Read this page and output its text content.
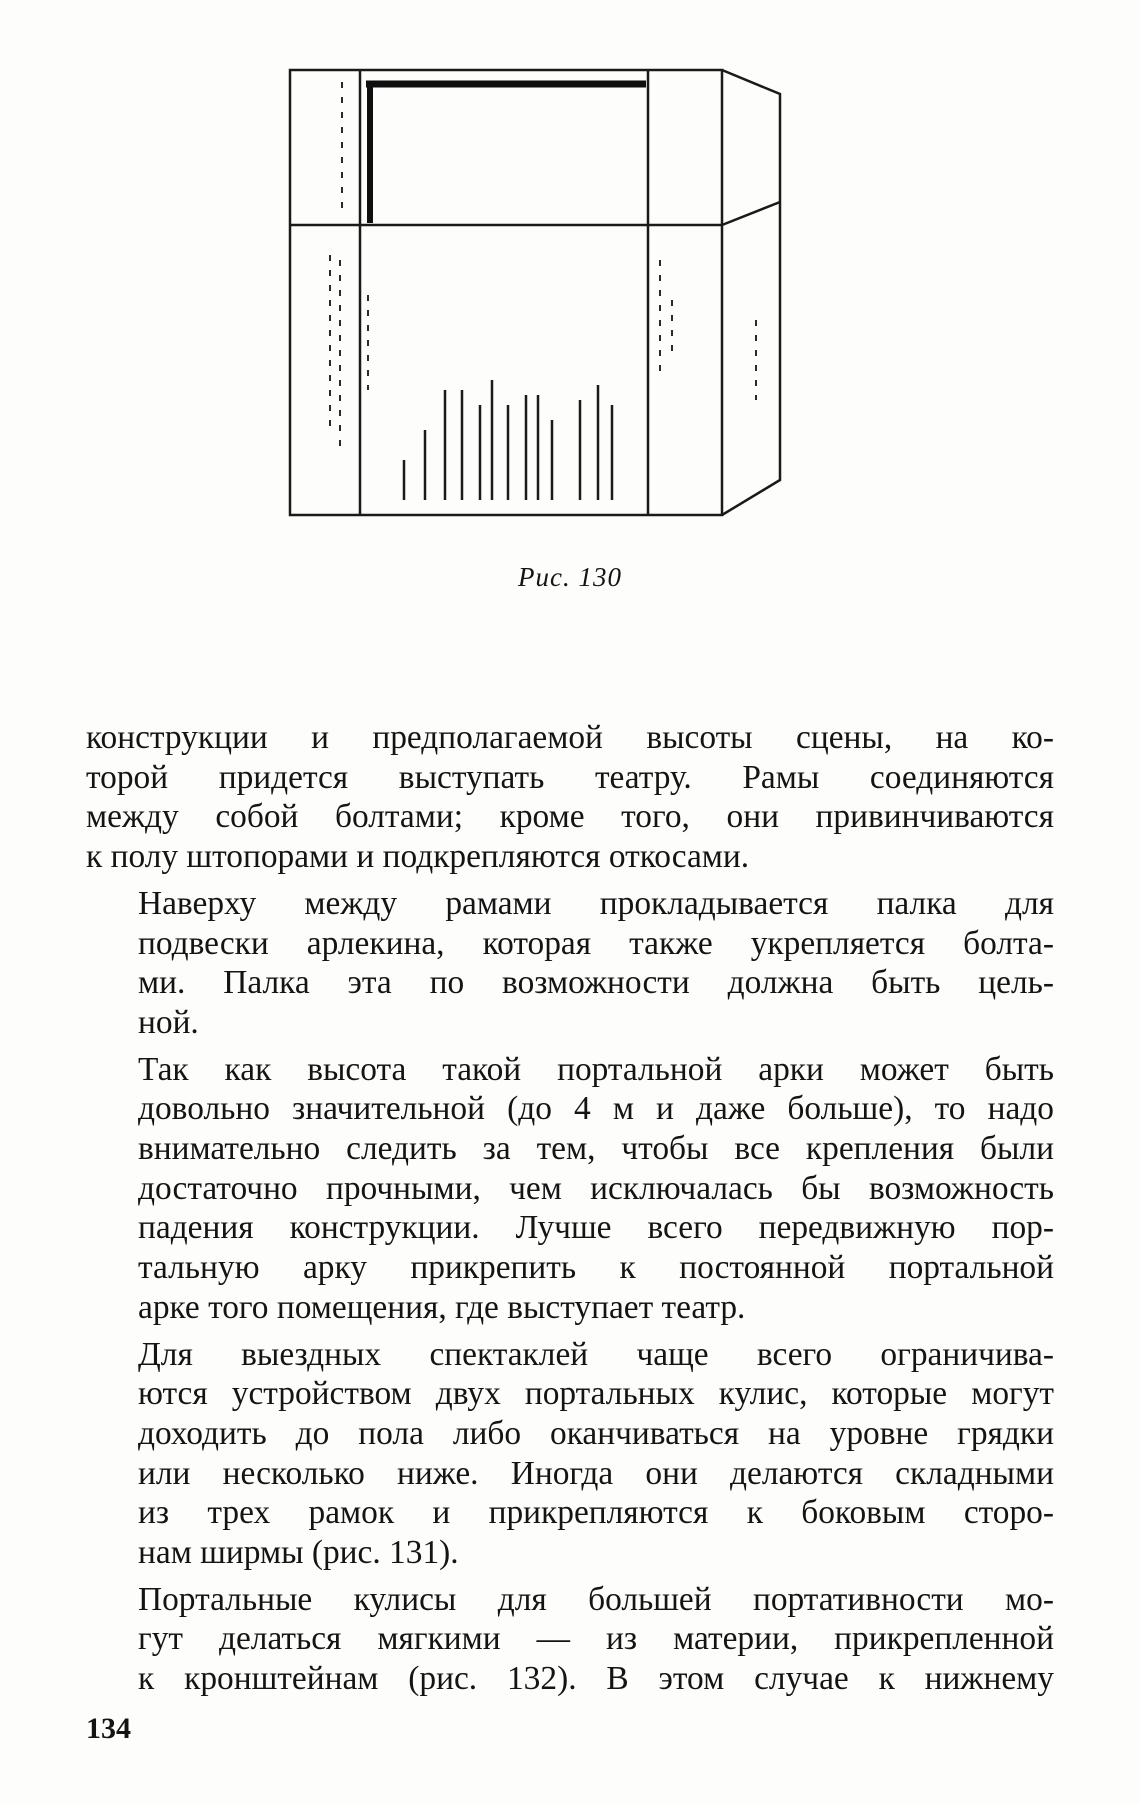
Рис. 130

конструкции и предполагаемой высоты сцены, на ко-
торой придется выступать театру. Рамы соединяются
между собой болтами; кроме того, они привинчиваются
к полу штопорами и подкрепляются откосами.

Наверху между рамами прокладывается палка для
подвески арлекина, которая также укрепляется болта-
ми. Палка эта по возможности должна быть цель-
ной.

Так как высота такой портальной арки может быть
довольно значительной (до 4 м и даже больше), то надо
внимательно следить за тем, чтобы все крепления были
достаточно прочными, чем исключалась бы возможность
падения конструкции. Лучше всего передвижную пор-
тальную арку прикрепить к постоянной портальной
арке того помещения, где выступает театр.

Для выездных спектаклей чаще всего ограничива-
ются устройством двух портальных кулис, которые могут
доходить до пола либо оканчиваться на уровне грядки
или несколько ниже. Иногда они делаются складными
из трех рамок и прикрепляются к боковым сторо-
нам ширмы (рис. 131).

Портальные кулисы для большей портативности мо-
гут делаться мягкими — из материи, прикрепленной
к кронштейнам (рис. 132). В этом случае к нижнему

134
